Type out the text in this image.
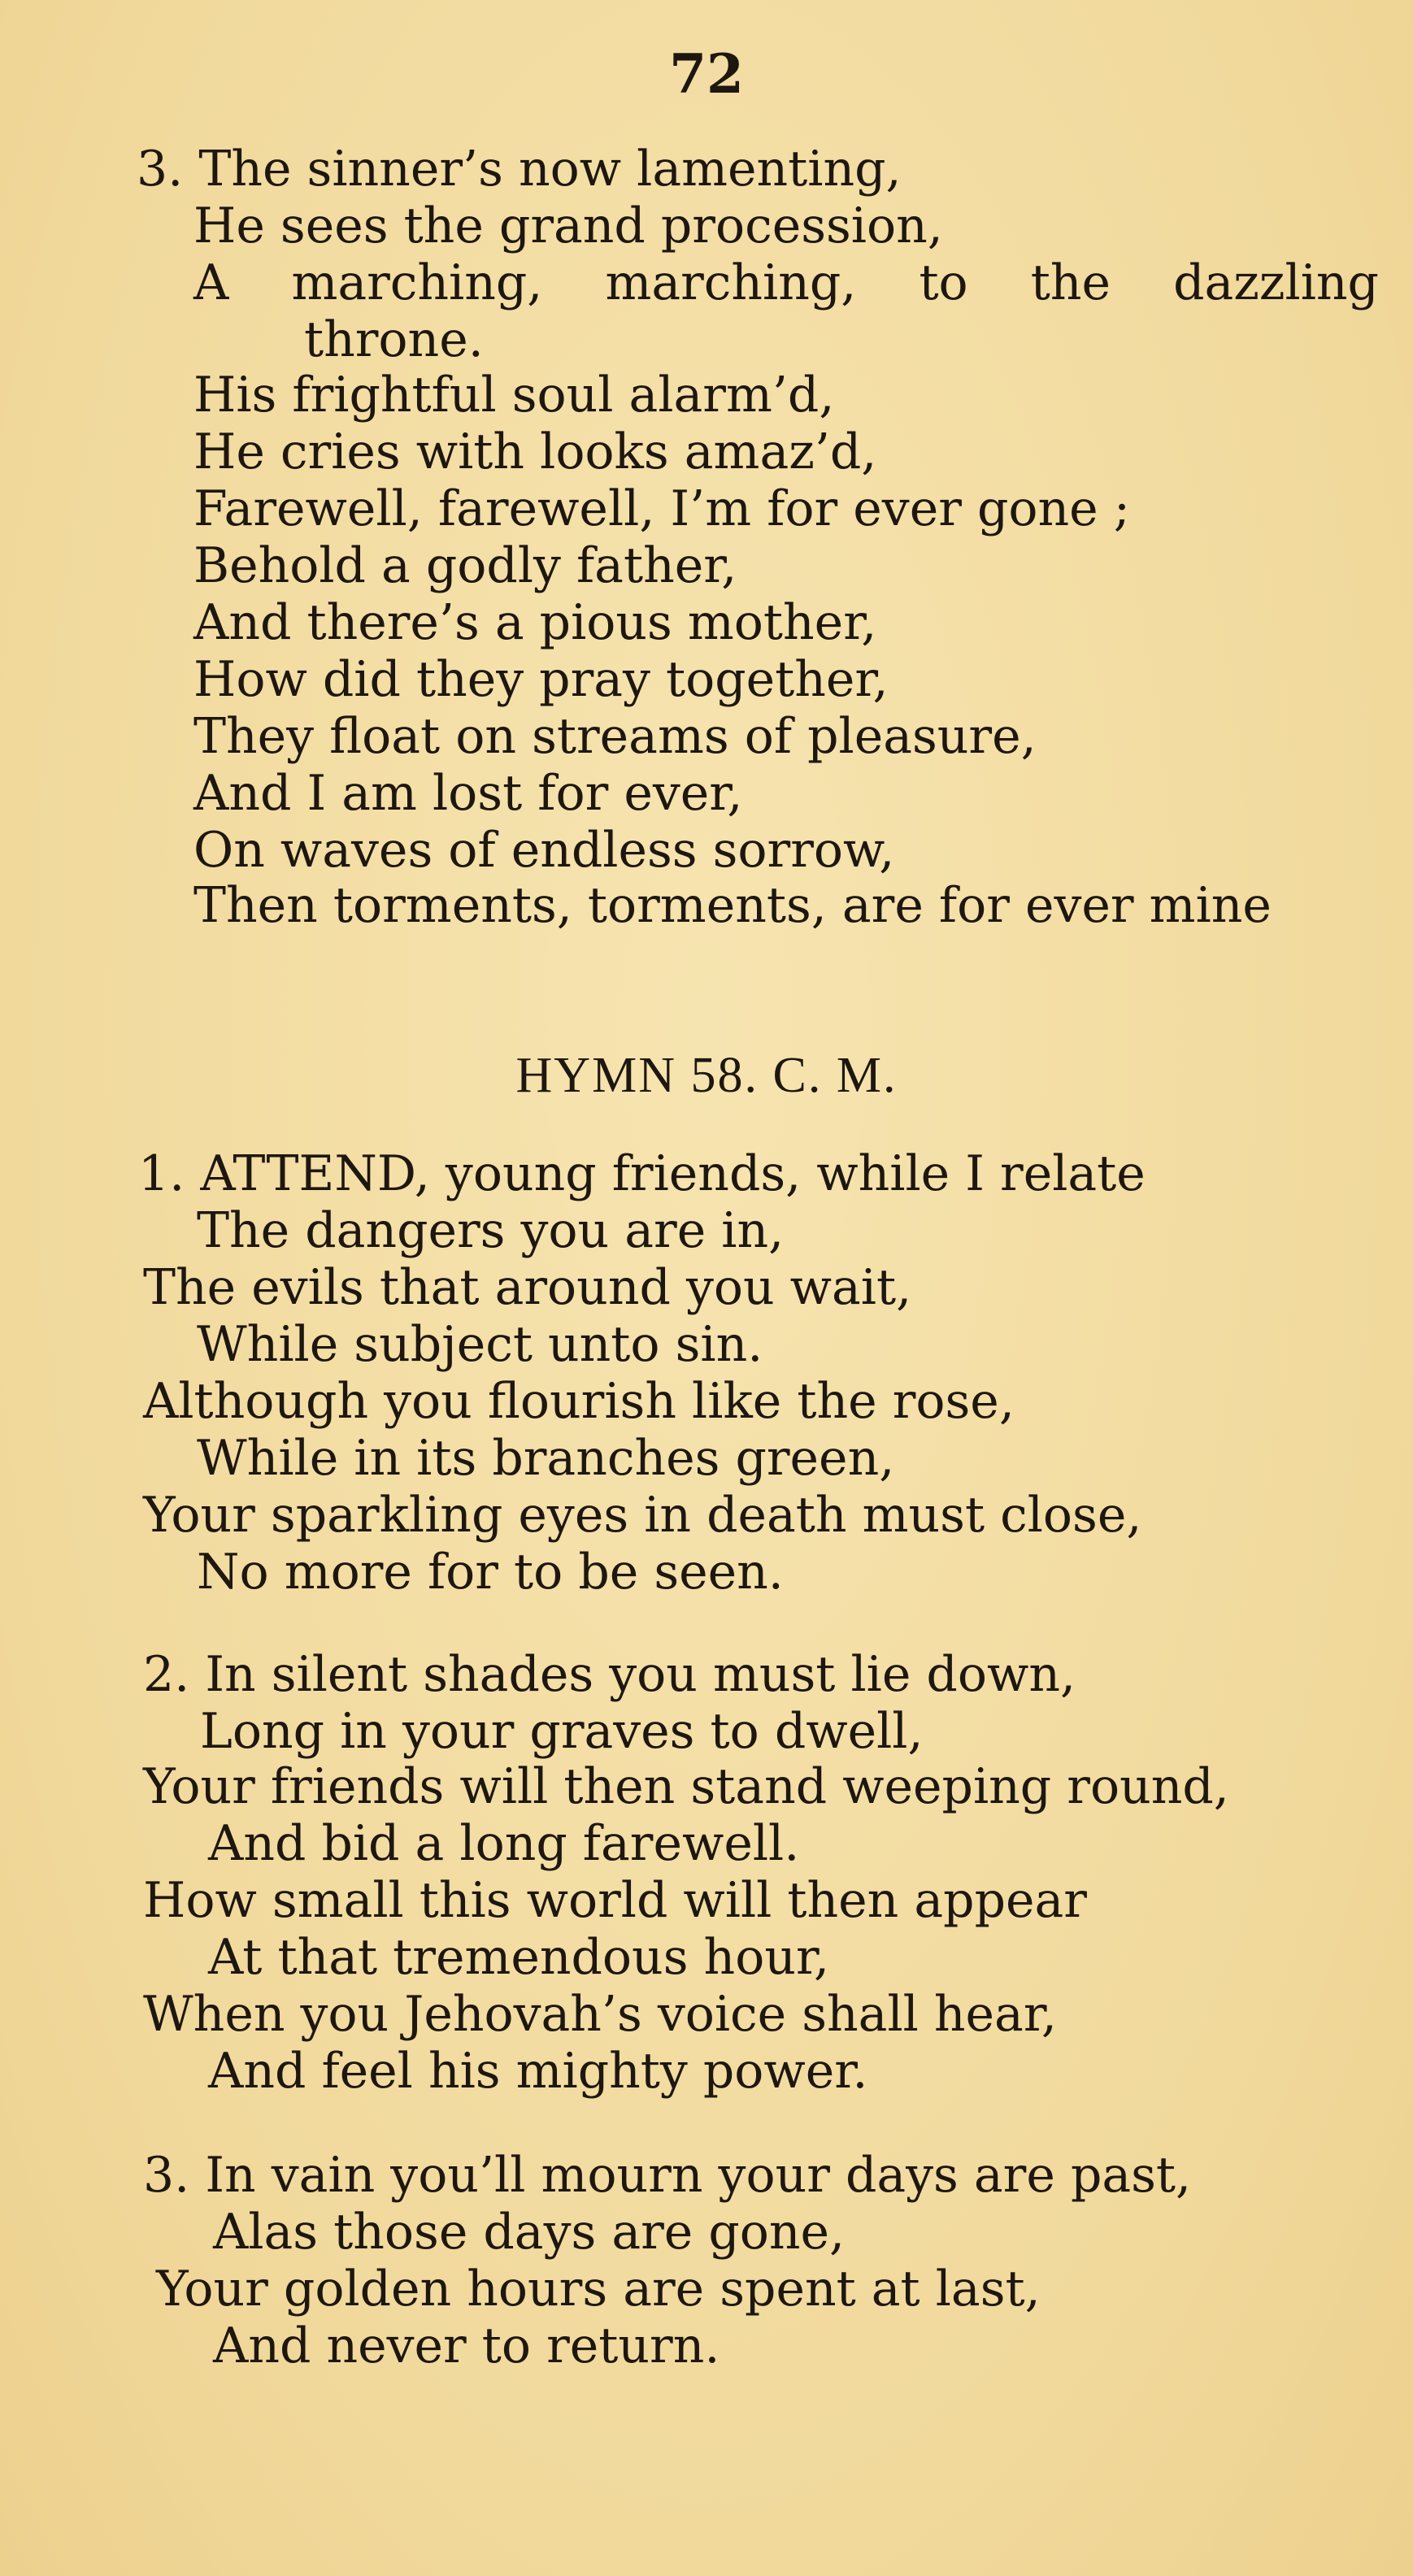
72

3. The sinner’s now lamenting,

He sees the grand procession,

A marching, marching, to the dazzling

throne.

His frightful soul alarm’d,

He cries with looks amaz’d,

Farewell, farewell, I’m for ever gone ;

Behold a godly father,

And there’s a pious mother,

How did they pray together,

They float on streams of pleasure,

And I am lost for ever,

On waves of endless sorrow,

Then torments, torments, are for ever mine

HYMN 58. C. M.

1. ATTEND, young friends, while I relate

The dangers you are in,

The evils that around you wait,

While subject unto sin.

Although you flourish like the rose,

While in its branches green,

Your sparkling eyes in death must close,

No more for to be seen.

2. In silent shades you must lie down,

Long in your graves to dwell,

Your friends will then stand weeping round,

And bid a long farewell.

How small this world will then appear

At that tremendous hour,

When you Jehovah’s voice shall hear,

And feel his mighty power.

3. In vain you’ll mourn your days are past,

Alas those days are gone,

Your golden hours are spent at last,

And never to return.
